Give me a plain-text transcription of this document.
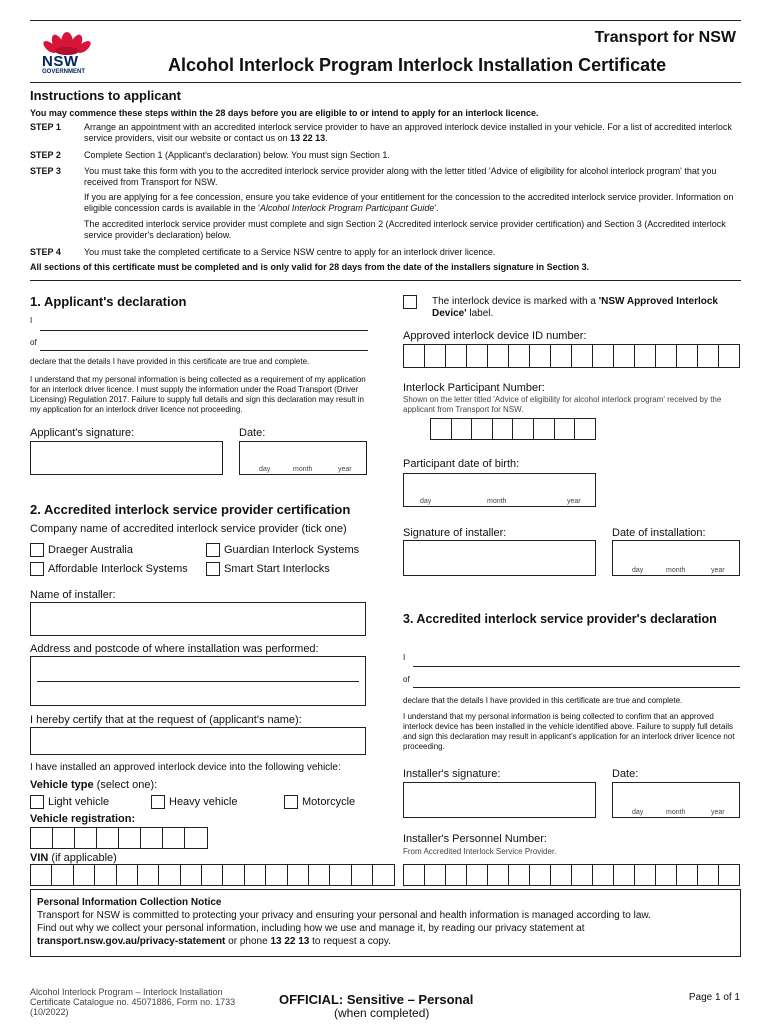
NSW
GOVERNMENT
Transport for NSW
Alcohol Interlock Program Interlock Installation Certificate
Instructions to applicant
You may commence these steps within the 28 days before you are eligible to or intend to apply for an interlock licence.
STEP 1	Arrange an appointment with an accredited interlock service provider to have an approved interlock device installed in your vehicle. For a list of accredited interlock service providers, visit our website or contact us on 13 22 13.
STEP 2	Complete Section 1 (Applicant's declaration) below. You must sign Section 1.
STEP 3	You must take this form with you to the accredited interlock service provider along with the letter titled 'Advice of eligibility for alcohol interlock program' that you received from Transport for NSW.
If you are applying for a fee concession, ensure you take evidence of your entitlement for the concession to the accredited interlock service provider. Information on eligible concession cards is available in the 'Alcohol Interlock Program Participant Guide'.
The accredited interlock service provider must complete and sign Section 2 (Accredited interlock service provider certification) and Section 3 (Accredited interlock service provider's declaration) below.
STEP 4	You must take the completed certificate to a Service NSW centre to apply for an interlock driver licence.
All sections of this certificate must be completed and is only valid for 28 days from the date of the installers signature in Section 3.
1. Applicant's declaration
I
of
declare that the details I have provided in this certificate are true and complete.
I understand that my personal information is being collected as a requirement of my application for an interlock driver licence. I must supply the information under the Road Transport (Driver Licensing) Regulation 2017. Failure to supply full details and sign this declaration may result in my application for an interlock driver licence not proceeding.
Applicant's signature:	Date:
day	month	year
2. Accredited interlock service provider certification
Company name of accredited interlock service provider (tick one)
Draeger Australia	Guardian Interlock Systems
Affordable Interlock Systems	Smart Start Interlocks
Name of installer:
Address and postcode of where installation was performed:
I hereby certify that at the request of (applicant's name):
I have installed an approved interlock device into the following vehicle:
Vehicle type (select one):
Light vehicle	Heavy vehicle	Motorcycle
Vehicle registration:
VIN (if applicable)
The interlock device is marked with a 'NSW Approved Interlock Device' label.
Approved interlock device ID number:
Interlock Participant Number:
Shown on the letter titled 'Advice of eligibility for alcohol interlock program' received by the applicant from Transport for NSW.
Participant date of birth:
day	month	year
Signature of installer:	Date of installation:
day	month	year
3. Accredited interlock service provider's declaration
I
of
declare that the details I have provided in this certificate are true and complete.
I understand that my personal information is being collected to confirm that an approved interlock device has been installed in the vehicle identified above. Failure to supply full details and sign this declaration may result in applicant's application for an interlock driver licence not proceeding.
Installer's signature:	Date:
day	month	year
Installer's Personnel Number:
From Accredited Interlock Service Provider.
Personal Information Collection Notice
Transport for NSW is committed to protecting your privacy and ensuring your personal and health information is managed according to law.
Find out why we collect your personal information, including how we use and manage it, by reading our privacy statement at
transport.nsw.gov.au/privacy-statement or phone 13 22 13 to request a copy.
Alcohol Interlock Program – Interlock Installation
Certificate Catalogue no. 45071886, Form no. 1733
(10/2022)
OFFICIAL: Sensitive – Personal
(when completed)
Page 1 of 1
